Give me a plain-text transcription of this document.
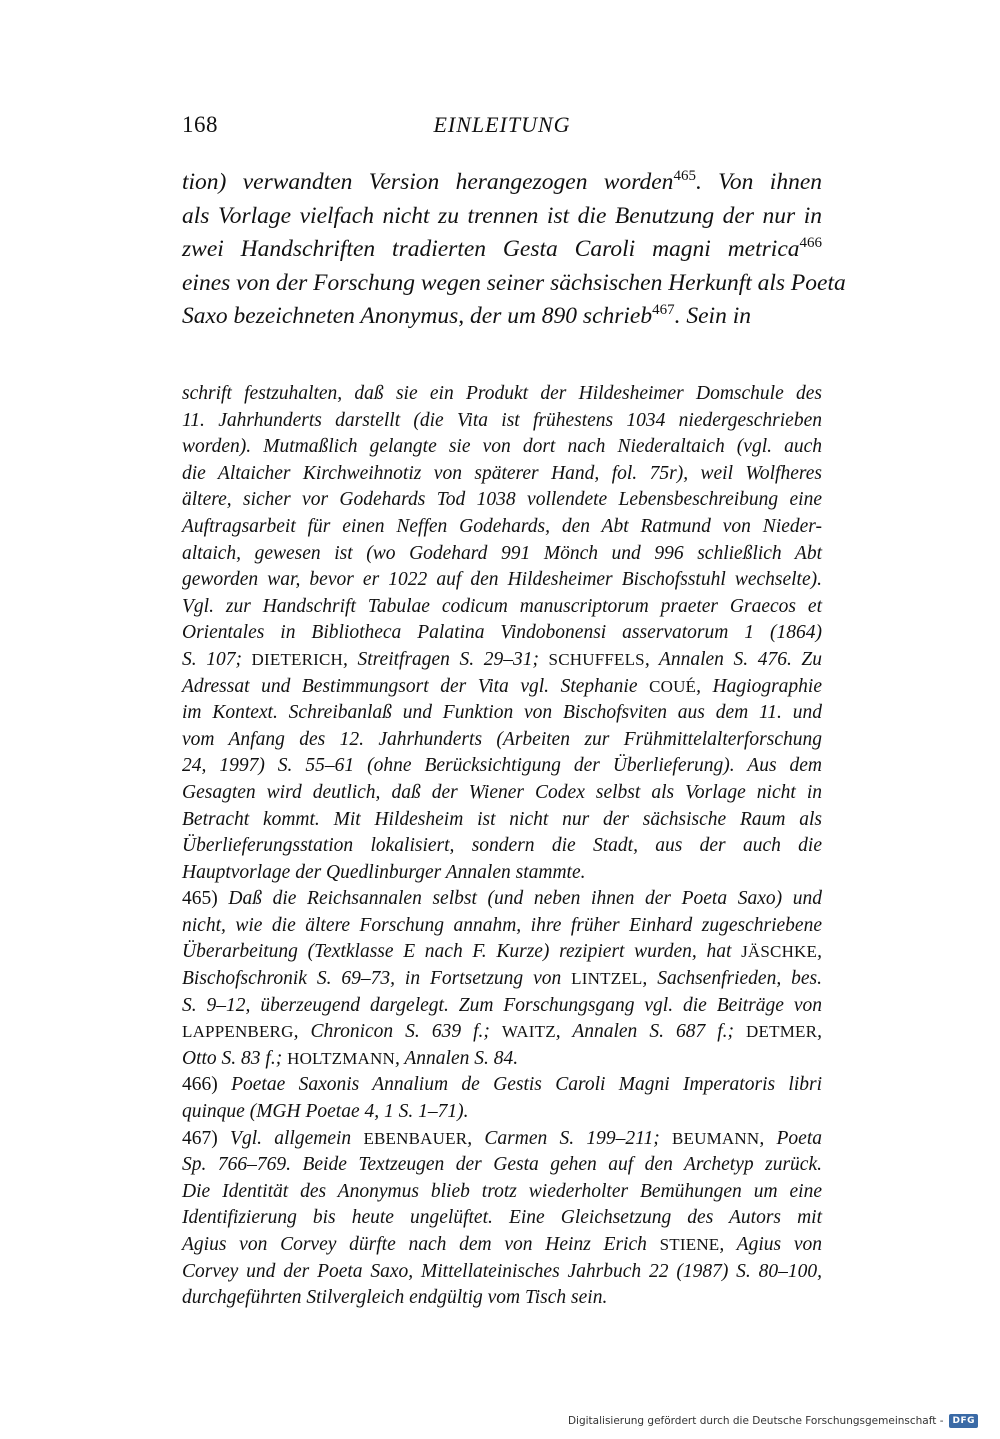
168	EINLEITUNG
tion) verwandten Version herangezogen worden$^{465}$. Von ihnen
als Vorlage vielfach nicht zu trennen ist die Benutzung der nur in
zwei Handschriften tradierten Gesta Caroli magni metrica$^{466}$
eines von der Forschung wegen seiner sächsischen Herkunft als Poeta
Saxo bezeichneten Anonymus, der um 890 schrieb$^{467}$. Sein in
schrift festzuhalten, daß sie ein Produkt der Hildesheimer Domschule des
11. Jahrhunderts darstellt (die Vita ist frühestens 1034 niedergeschrieben
worden). Mutmaßlich gelangte sie von dort nach Niederaltaich (vgl. auch
die Altaicher Kirchweihnotiz von späterer Hand, fol. 75r), weil Wolfheres
ältere, sicher vor Godehards Tod 1038 vollendete Lebensbeschreibung eine
Auftragsarbeit für einen Neffen Godehards, den Abt Ratmund von Nieder-
altaich, gewesen ist (wo Godehard 991 Mönch und 996 schließlich Abt
geworden war, bevor er 1022 auf den Hildesheimer Bischofsstuhl wechselte).
Vgl. zur Handschrift Tabulae codicum manuscriptorum praeter Graecos et
Orientales in Bibliotheca Palatina Vindobonensi asservatorum 1 (1864)
S. 107; DIETERICH, Streitfragen S. 29–31; SCHUFFELS, Annalen S. 476. Zu
Adressat und Bestimmungsort der Vita vgl. Stephanie COUÉ, Hagiographie
im Kontext. Schreibanlaß und Funktion von Bischofsviten aus dem 11. und
vom Anfang des 12. Jahrhunderts (Arbeiten zur Frühmittelalterforschung
24, 1997) S. 55–61 (ohne Berücksichtigung der Überlieferung). Aus dem
Gesagten wird deutlich, daß der Wiener Codex selbst als Vorlage nicht in
Betracht kommt. Mit Hildesheim ist nicht nur der sächsische Raum als
Überlieferungsstation lokalisiert, sondern die Stadt, aus der auch die
Hauptvorlage der Quedlinburger Annalen stammte.
465) Daß die Reichsannalen selbst (und neben ihnen der Poeta Saxo) und
nicht, wie die ältere Forschung annahm, ihre früher Einhard zugeschriebene
Überarbeitung (Textklasse E nach F. Kurze) rezipiert wurden, hat JÄSCHKE,
Bischofschronik S. 69–73, in Fortsetzung von LINTZEL, Sachsenfrieden, bes.
S. 9–12, überzeugend dargelegt. Zum Forschungsgang vgl. die Beiträge von
LAPPENBERG, Chronicon S. 639 f.; WAITZ, Annalen S. 687 f.; DETMER,
Otto S. 83 f.; HOLTZMANN, Annalen S. 84.
466) Poetae Saxonis Annalium de Gestis Caroli Magni Imperatoris libri
quinque (MGH Poetae 4, 1 S. 1–71).
467) Vgl. allgemein EBENBAUER, Carmen S. 199–211; BEUMANN, Poeta
Sp. 766–769. Beide Textzeugen der Gesta gehen auf den Archetyp zurück.
Die Identität des Anonymus blieb trotz wiederholter Bemühungen um eine
Identifizierung bis heute ungelüftet. Eine Gleichsetzung des Autors mit
Agius von Corvey dürfte nach dem von Heinz Erich STIENE, Agius von
Corvey und der Poeta Saxo, Mittellateinisches Jahrbuch 22 (1987) S. 80–100,
durchgeführten Stilvergleich endgültig vom Tisch sein.
Digitalisierung gefördert durch die Deutsche Forschungsgemeinschaft -	DFG
